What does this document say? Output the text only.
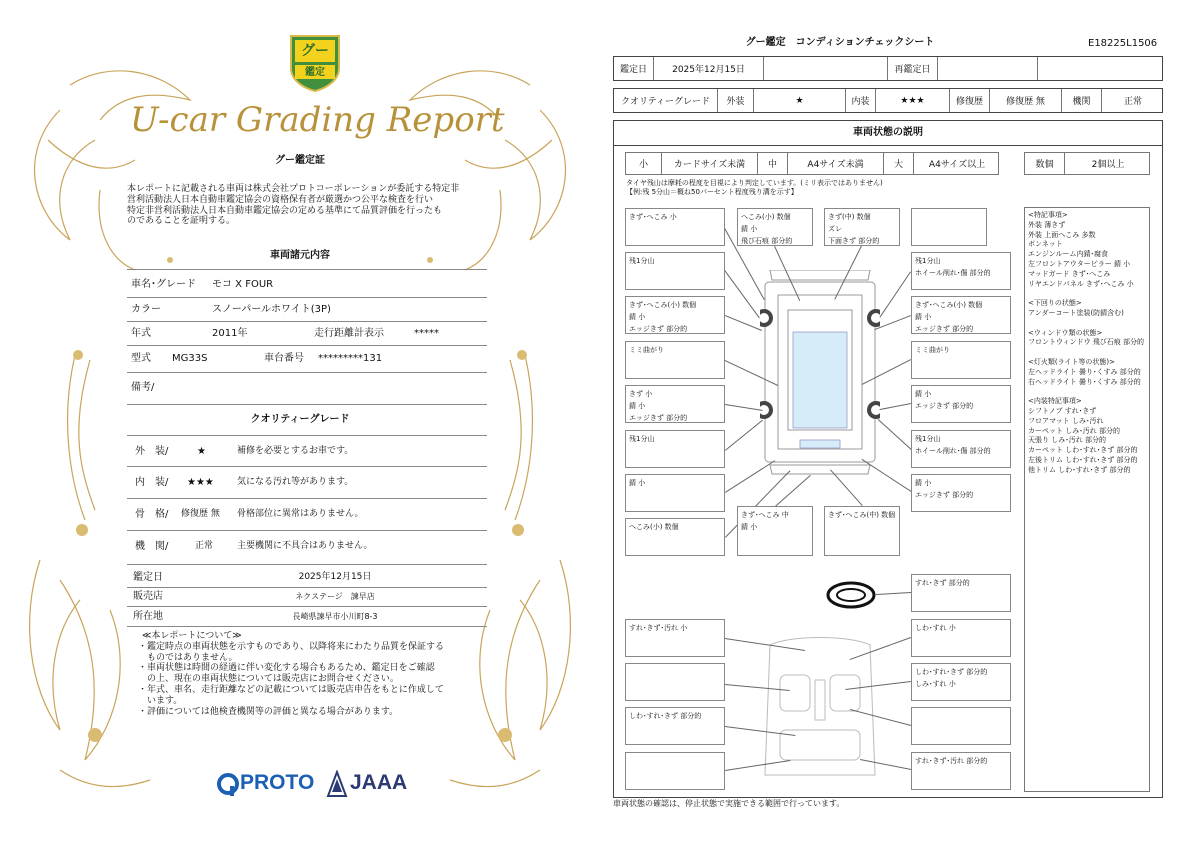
グー
鑑定
U-car Grading Report
グー鑑定証
本レポートに記載される車両は株式会社プロトコーポレーションが委託する特定非
営利活動法人日本自動車鑑定協会の資格保有者が厳選かつ公平な検査を行い
特定非営利活動法人日本自動車鑑定協会の定める基準にて品質評価を行ったも
のであることを証明する。
車両諸元内容
車名･グレード モコ X FOUR
カラー	スノーパールホワイト(3P)
年式	2011年	走行距離計表示	*****
型式 MG33S	車台番号 *********131
備考/
クオリティーグレード
外　装/	★	補修を必要とするお車です。
内　装/ ★★★	気になる汚れ等があります。
骨　格/ 修復歴 無 骨格部位に異常はありません。
機　関/	正常	主要機関に不具合はありません。
鑑定日	2025年12月15日
販売店	ネクステージ　諫早店
所在地	長崎県諫早市小川町8-3
≪本レポートについて≫
・鑑定時点の車両状態を示すものであり、以降将来にわたり品質を保証する
　ものではありません。
・車両状態は時間の経過に伴い変化する場合もあるため、鑑定日をご確認
　の上、現在の車両状態については販売店にお問合せください。
・年式、車名、走行距離などの記載については販売店申告をもとに作成して
　います。
・評価については他検査機関等の評価と異なる場合があります。
PROTO JAAA
グー鑑定　コンディションチェックシート	E18225L1506
鑑定日	2025年12月15日	再鑑定日
クオリティーグレード	外装	★	内装	★★★	修復歴	修復歴 無	機関	正常
車両状態の説明
小	カードサイズ未満	中	A4サイズ未満	大	A4サイズ以上	数個	2個以上
タイヤ残山は摩耗の程度を目視により判定しています。(ミリ表示ではありません)
【例:残 5分山＝概ね50パーセント程度残り溝を示す】
<特記事項>
外装 薄きず
外装 上面へこみ 多数
ボンネット
エンジンルーム内錆･腐食
左フロントアウターピラー 錆 小
マッドガード きず･へこみ
リヤエンドパネル きず･へこみ 小
<下回りの状態>
アンダーコート塗装(防錆含む)
<ウィンドウ類の状態>
フロントウィンドウ 飛び石痕 部分的
<灯火類(ライト等の状態)>
左ヘッドライト 曇り･くすみ 部分的
右ヘッドライト 曇り･くすみ 部分的
<内装特記事項>
シフトノブ すれ･きず
フロアマット しみ･汚れ
カーペット しみ･汚れ 部分的
天張り しみ･汚れ 部分的
カーペット しわ･すれ･きず 部分的
左後トリム しわ･すれ･きず 部分的
他トリム しわ･すれ･きず 部分的
きず･へこみ 小
残1分山
きず･へこみ(小) 数個
錆 小
エッジきず 部分的
ミミ曲がり
きず 小
錆 小
エッジきず 部分的
残1分山
錆 小
へこみ(小) 数個
へこみ(小) 数個
錆 小
飛び石痕 部分的
きず(中) 数個
ズレ
下面きず 部分的
残1分山
ホイール削れ･傷 部分的
きず･へこみ(小) 数個
錆 小
エッジきず 部分的
ミミ曲がり
錆 小
エッジきず 部分的
残1分山
ホイール削れ･傷 部分的
錆 小
エッジきず 部分的
きず･へこみ 中
錆 小
きず･へこみ(中) 数個
すれ･きず･汚れ 小
しわ･すれ･きず 部分的
すれ･きず 部分的
しわ･すれ 小
しわ･すれ･きず 部分的
しみ･すれ 小
すれ･きず･汚れ 部分的
車両状態の確認は、停止状態で実施できる範囲で行っています。
